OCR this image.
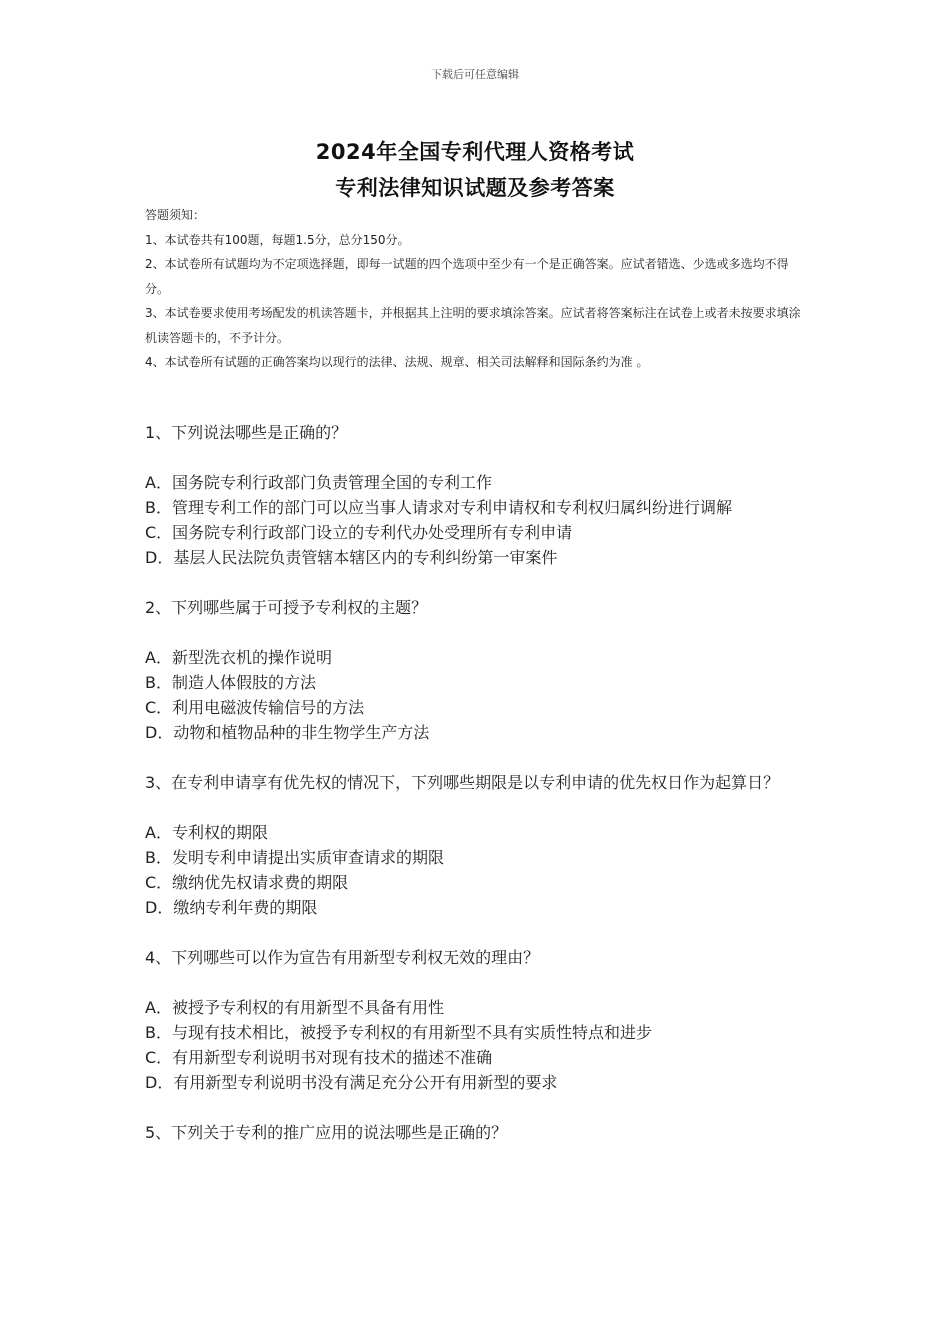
下载后可任意编辑
2024年全国专利代理人资格考试
专利法律知识试题及参考答案

答题须知：

1、本试卷共有100题，每题1.5分，总分150分。

2、本试卷所有试题均为不定项选择题，即每一试题的四个选项中至少有一个是正确答案。应试者错选、少选或多选均不得分。

3、本试卷要求使用考场配发的机读答题卡，并根据其上注明的要求填涂答案。应试者将答案标注在试卷上或者未按要求填涂机读答题卡的，不予计分。

4、本试卷所有试题的正确答案均以现行的法律、法规、规章、相关司法解释和国际条约为准 。

1、下列说法哪些是正确的？

A．国务院专利行政部门负责管理全国的专利工作

B．管理专利工作的部门可以应当事人请求对专利申请权和专利权归属纠纷进行调解

C．国务院专利行政部门设立的专利代办处受理所有专利申请

D．基层人民法院负责管辖本辖区内的专利纠纷第一审案件

2、下列哪些属于可授予专利权的主题？

A．新型洗衣机的操作说明

B．制造人体假肢的方法

C．利用电磁波传输信号的方法

D．动物和植物品种的非生物学生产方法

3、在专利申请享有优先权的情况下，下列哪些期限是以专利申请的优先权日作为起算日？

A．专利权的期限

B．发明专利申请提出实质审查请求的期限

C．缴纳优先权请求费的期限

D．缴纳专利年费的期限

4、下列哪些可以作为宣告有用新型专利权无效的理由？

A．被授予专利权的有用新型不具备有用性

B．与现有技术相比，被授予专利权的有用新型不具有实质性特点和进步

C．有用新型专利说明书对现有技术的描述不准确

D．有用新型专利说明书没有满足充分公开有用新型的要求

5、下列关于专利的推广应用的说法哪些是正确的？
